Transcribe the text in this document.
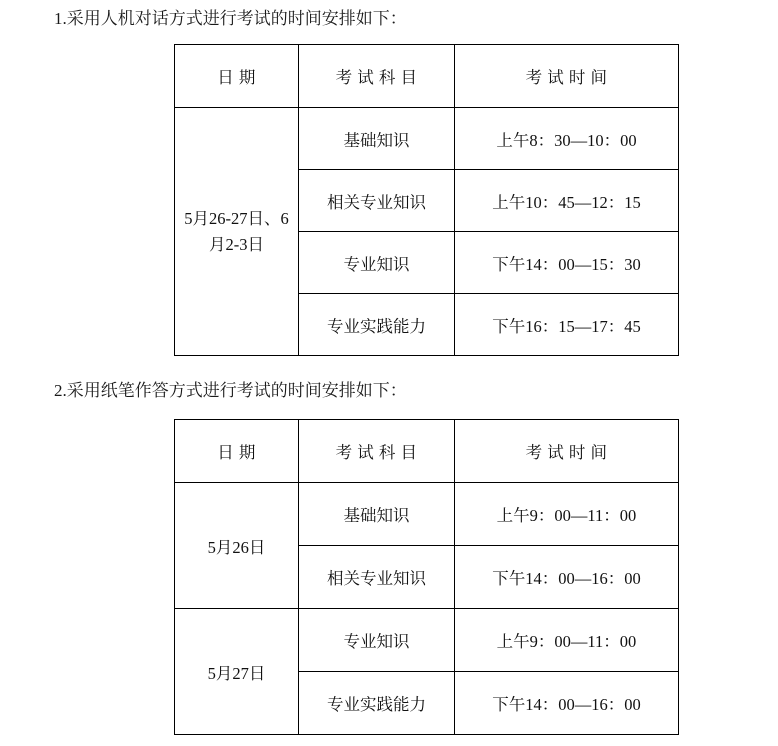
1.采用人机对话方式进行考试的时间安排如下：

日 期	考 试 科 目	考 试 时 间
5月26-27日、6月2-3日	基础知识	上午8：30—10：00
	相关专业知识	上午10：45—12：15
	专业知识	下午14：00—15：30
	专业实践能力	下午16：15—17：45

2.采用纸笔作答方式进行考试的时间安排如下：

日 期	考 试 科 目	考 试 时 间
5月26日	基础知识	上午9：00—11：00
	相关专业知识	下午14：00—16：00
5月27日	专业知识	上午9：00—11：00
	专业实践能力	下午14：00—16：00
